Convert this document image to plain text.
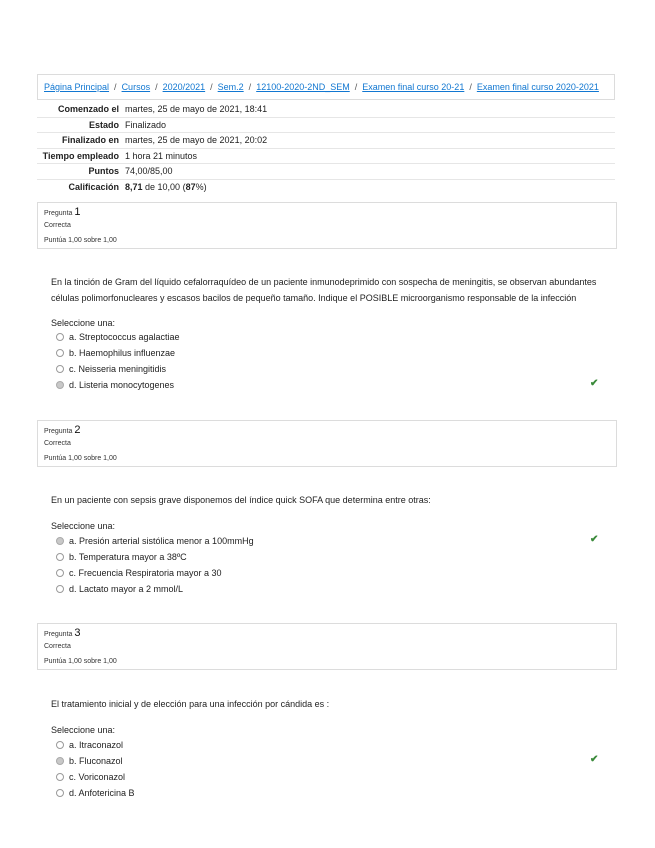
Página Principal / Cursos / 2020/2021 / Sem.2 / 12100-2020-2ND_SEM / Examen final curso 20-21 / Examen final curso 2020-2021
Comenzado el martes, 25 de mayo de 2021, 18:41
Estado Finalizado
Finalizado en martes, 25 de mayo de 2021, 20:02
Tiempo empleado 1 hora 21 minutos
Puntos 74,00/85,00
Calificación 8,71 de 10,00 (87%)
Pregunta 1
Correcta
Puntúa 1,00 sobre 1,00
En la tinción de Gram del líquido cefalorraquídeo de un paciente inmunodeprimido con sospecha de meningitis, se observan abundantes células polimorfonucleares y escasos bacilos de pequeño tamaño. Indique el POSIBLE microorganismo responsable de la infección
Seleccione una:
a. Streptococcus agalactiae
b. Haemophilus influenzae
c. Neisseria meningitidis
d. Listeria monocytogenes	✔
Pregunta 2
Correcta
Puntúa 1,00 sobre 1,00
En un paciente con sepsis grave disponemos del índice quick SOFA que determina entre otras:
Seleccione una:
a. Presión arterial sistólica menor a 100mmHg
b. Temperatura mayor a 38ºC
c. Frecuencia Respiratoria mayor a 30
d. Lactato mayor a 2 mmol/L
✔
Pregunta 3
Correcta
Puntúa 1,00 sobre 1,00
El tratamiento inicial y de elección para una infección por cándida es :
Seleccione una:
a. Itraconazol
b. Fluconazol
c. Voriconazol
d. Anfotericina B
✔
